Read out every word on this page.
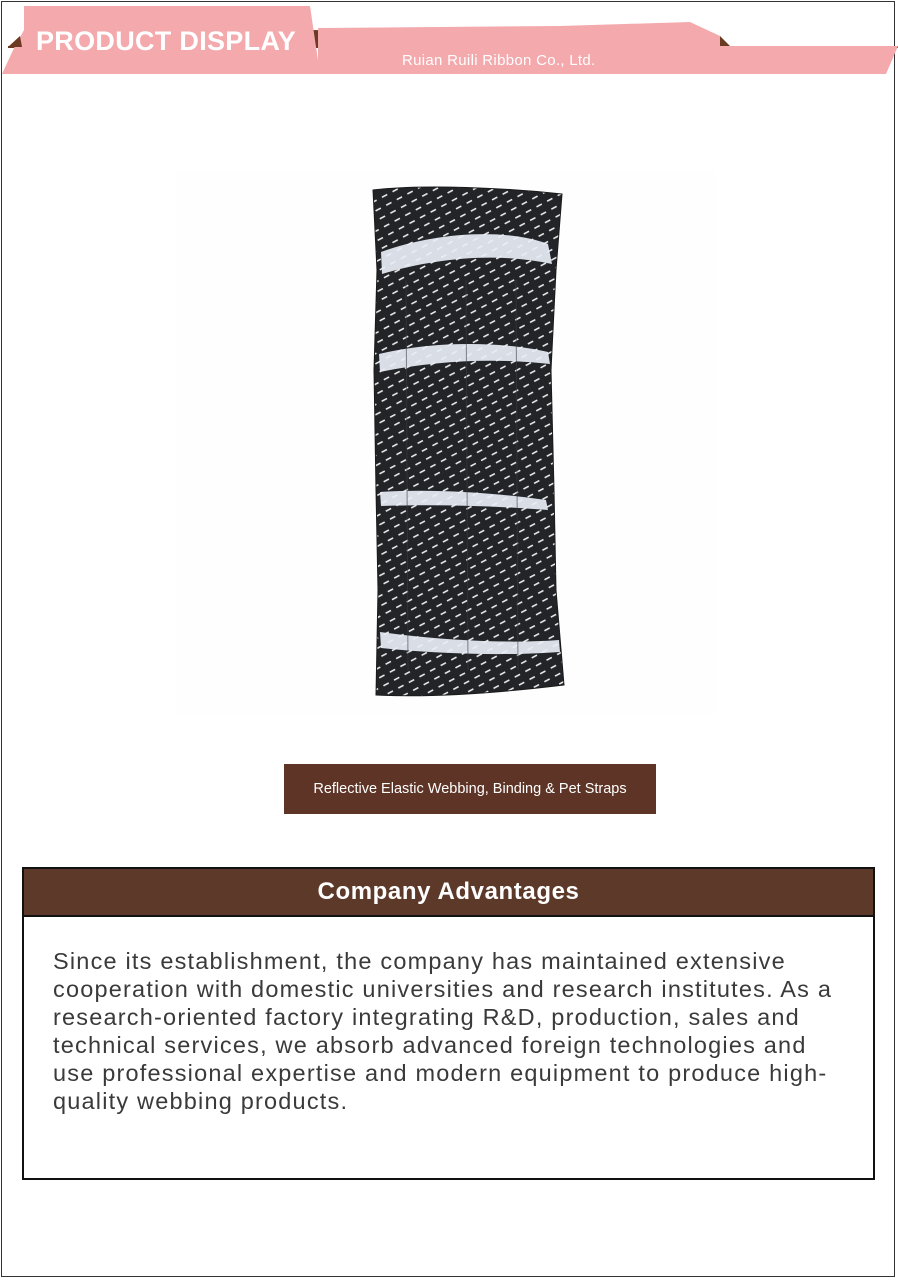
PRODUCT DISPLAY
Ruian Ruili Ribbon Co., Ltd.
Reflective Elastic Webbing, Binding & Pet Straps
Company Advantages
Since its establishment, the company has maintained extensive cooperation with domestic universities and research institutes. As a research-oriented factory integrating R&D, production, sales and technical services, we absorb advanced foreign technologies and use professional expertise and modern equipment to produce high-quality webbing products.
